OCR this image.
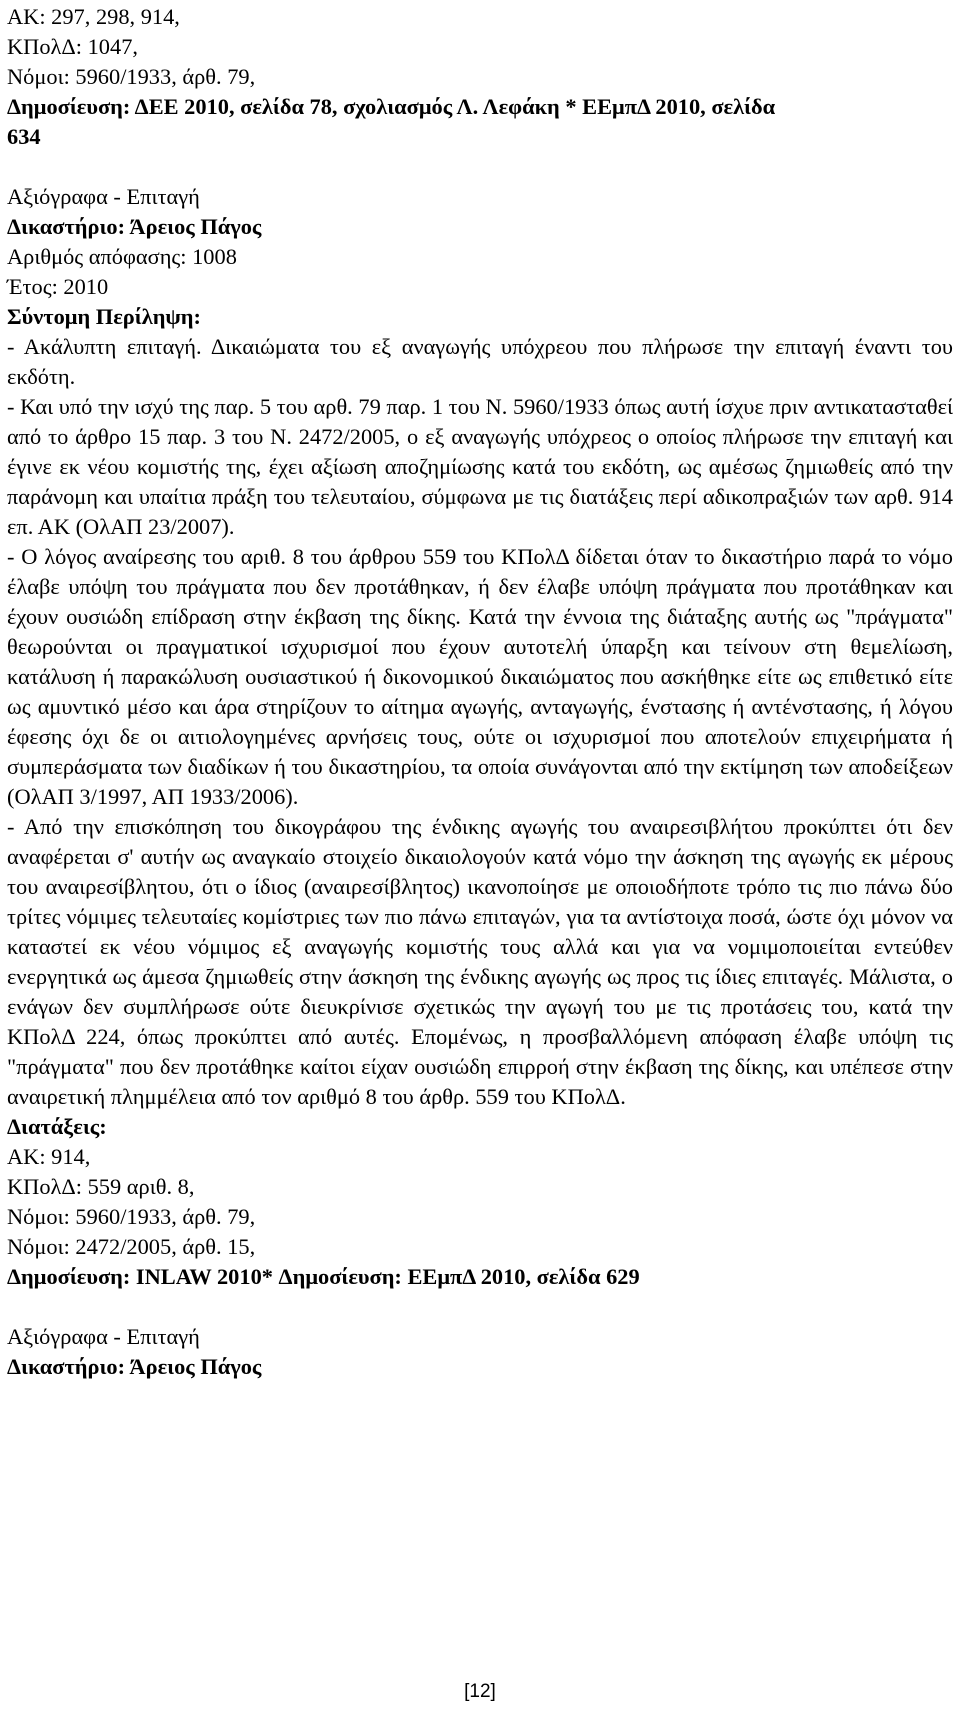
ΑΚ: 297, 298, 914,
ΚΠολΔ: 1047,
Νόμοι: 5960/1933, άρθ. 79,
Δημοσίευση: ΔΕΕ 2010, σελίδα 78, σχολιασμός Λ. Λεφάκη * ΕΕμπΔ 2010, σελίδα
634
Αξιόγραφα - Επιταγή
Δικαστήριο: Άρειος Πάγος
Αριθμός απόφασης: 1008
Έτος: 2010
Σύντομη Περίληψη:
- Ακάλυπτη επιταγή. Δικαιώματα του εξ αναγωγής υπόχρεου που πλήρωσε την επιταγή έναντι του εκδότη.
- Και υπό την ισχύ της παρ. 5 του αρθ. 79 παρ. 1 του Ν. 5960/1933 όπως αυτή ίσχυε πριν αντικατασταθεί από το άρθρο 15 παρ. 3 του Ν. 2472/2005, ο εξ αναγωγής υπόχρεος ο οποίος πλήρωσε την επιταγή και έγινε εκ νέου κομιστής της, έχει αξίωση αποζημίωσης κατά του εκδότη, ως αμέσως ζημιωθείς από την παράνομη και υπαίτια πράξη του τελευταίου, σύμφωνα με τις διατάξεις περί αδικοπραξιών των αρθ. 914 επ. ΑΚ (ΟλΑΠ 23/2007).
- Ο λόγος αναίρεσης του αριθ. 8 του άρθρου 559 του ΚΠολΔ δίδεται όταν το δικαστήριο παρά το νόμο έλαβε υπόψη του πράγματα που δεν προτάθηκαν, ή δεν έλαβε υπόψη πράγματα που προτάθηκαν και έχουν ουσιώδη επίδραση στην έκβαση της δίκης. Κατά την έννοια της διάταξης αυτής ως "πράγματα" θεωρούνται οι πραγματικοί ισχυρισμοί που έχουν αυτοτελή ύπαρξη και τείνουν στη θεμελίωση, κατάλυση ή παρακώλυση ουσιαστικού ή δικονομικού δικαιώματος που ασκήθηκε είτε ως επιθετικό είτε ως αμυντικό μέσο και άρα στηρίζουν το αίτημα αγωγής, ανταγωγής, ένστασης ή αντένστασης, ή λόγου έφεσης όχι δε οι αιτιολογημένες αρνήσεις τους, ούτε οι ισχυρισμοί που αποτελούν επιχειρήματα ή συμπεράσματα των διαδίκων ή του δικαστηρίου, τα οποία συνάγονται από την εκτίμηση των αποδείξεων (ΟλΑΠ 3/1997, ΑΠ 1933/2006).
- Από την επισκόπηση του δικογράφου της ένδικης αγωγής του αναιρεσιβλήτου προκύπτει ότι δεν αναφέρεται σ' αυτήν ως αναγκαίο στοιχείο δικαιολογούν κατά νόμο την άσκηση της αγωγής εκ μέρους του αναιρεσίβλητου, ότι ο ίδιος (αναιρεσίβλητος) ικανοποίησε με οποιοδήποτε τρόπο τις πιο πάνω δύο τρίτες νόμιμες τελευταίες κομίστριες των πιο πάνω επιταγών, για τα αντίστοιχα ποσά, ώστε όχι μόνον να καταστεί εκ νέου νόμιμος εξ αναγωγής κομιστής τους αλλά και για να νομιμοποιείται εντεύθεν ενεργητικά ως άμεσα ζημιωθείς στην άσκηση της ένδικης αγωγής ως προς τις ίδιες επιταγές. Μάλιστα, ο ενάγων δεν συμπλήρωσε ούτε διευκρίνισε σχετικώς την αγωγή του με τις προτάσεις του, κατά την ΚΠολΔ 224, όπως προκύπτει από αυτές. Επομένως, η προσβαλλόμενη απόφαση έλαβε υπόψη τις "πράγματα" που δεν προτάθηκε καίτοι είχαν ουσιώδη επιρροή στην έκβαση της δίκης, και υπέπεσε στην αναιρετική πλημμέλεια από τον αριθμό 8 του άρθρ. 559 του ΚΠολΔ.
Διατάξεις:
ΑΚ: 914,
ΚΠολΔ: 559 αριθ. 8,
Νόμοι: 5960/1933, άρθ. 79,
Νόμοι: 2472/2005, άρθ. 15,
Δημοσίευση: INLAW 2010* Δημοσίευση: ΕΕμπΔ 2010, σελίδα 629
Αξιόγραφα - Επιταγή
Δικαστήριο: Άρειος Πάγος
[12]
